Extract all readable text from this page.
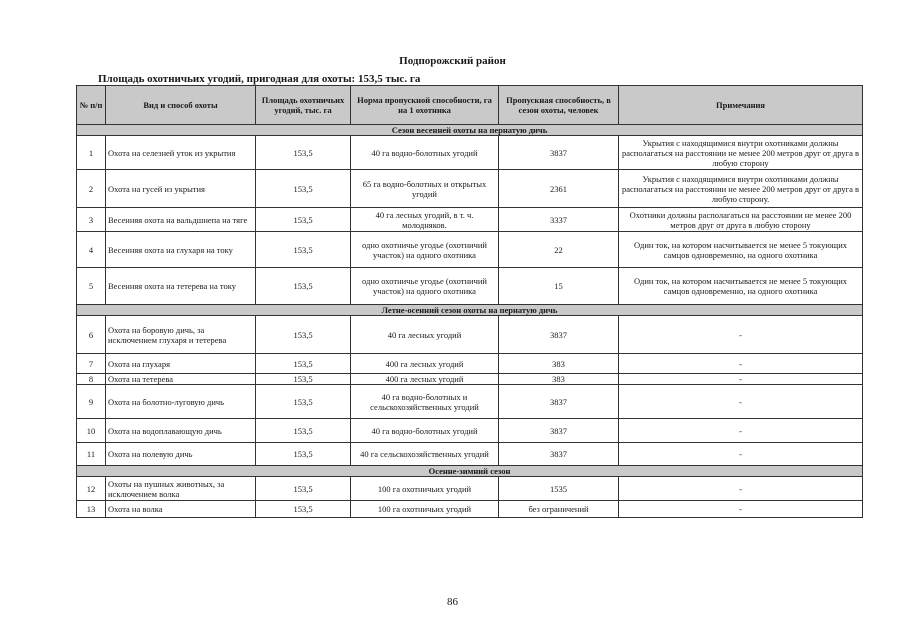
Подпорожский район
Площадь охотничьих угодий, пригодная для охоты: 153,5 тыс. га
№ п/п	Вид и способ охоты	Площадь охотничьих угодий, тыс. га	Норма пропускной способности, га на 1 охотника	Пропускная способность, в сезон охоты, человек	Примечания
Сезон весенней охоты на пернатую дичь					
1	Охота на селезней уток из укрытия	153,5	40 га водно-болотных угодий	3837	Укрытия с находящимися внутри охотниками должны располагаться на расстоянии не менее 200 метров друг от друга в любую сторону
2	Охота на гусей из укрытия	153,5	65 га водно-болотных и открытых угодий	2361	Укрытия с находящимися внутри охотниками должны располагаться на расстоянии не менее 200 метров друг от друга в любую сторону.
3	Весенняя охота на вальдшнепа на тяге	153,5	40 га лесных угодий, в т. ч. молодняков.	3337	Охотники должны располагаться на расстоянии не менее 200 метров друг от друга в любую сторону
4	Весенняя охота на глухаря на току	153,5	одно охотничье угодье (охотничий участок) на одного охотника	22	Один ток, на котором насчитывается не менее 5 токующих самцов одновременно, на одного охотника
5	Весенняя охота на тетерева на току	153,5	одно охотничье угодье (охотничий участок) на одного охотника	15	Один ток, на котором насчитывается не менее 5 токующих самцов одновременно, на одного охотника
Летне-осенний сезон охоты на пернатую дичь					
6	Охота на боровую дичь, за исключением глухаря и тетерева	153,5	40 га лесных угодий	3837	-
7	Охота на глухаря	153,5	400 га лесных угодий	383	-
8	Охота на тетерева	153,5	400 га лесных угодий	383	-
9	Охота на болотно-луговую дичь	153,5	40 га водно-болотных и сельскохозяйственных угодий	3837	-
10	Охота на водоплавающую дичь	153,5	40 га водно-болотных угодий	3837	-
11	Охота на полевую дичь	153,5	40 га сельскохозяйственных угодий	3837	-
Осенне-зимний сезон					
12	Охоты на пушных животных, за исключением волка	153,5	100 га охотничьих угодий	1535	-
13	Охота на волка	153,5	100 га охотничьих угодий	без ограничений	-
86
